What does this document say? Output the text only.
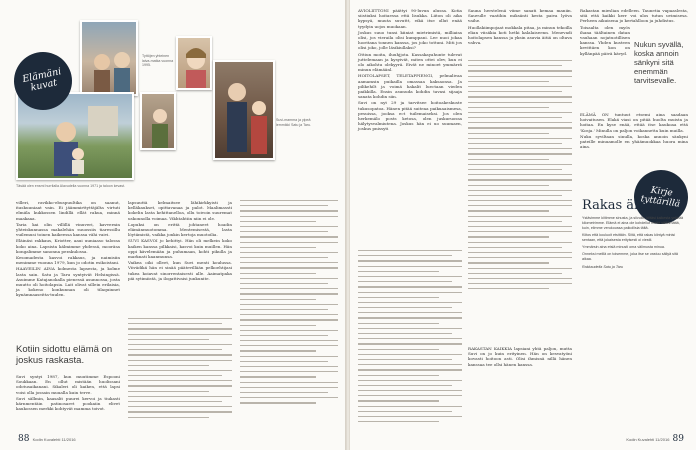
Tyttöjen yhteinen laiva-matka vuonna 1995.
Suvi-mamma ja ylpeä lemmikki Satu ja Taru.
Täsää olen ensmi hurrilalla Alavudella vuonna 1971 ja taloon kevast.
Elämäni kuvat

villeri, ravikko-ebuspuultika on saanut, itaskuuniaat vain. Ei jäämmirttyttäjälta virtuti elmiila kukkossen lindillä ellät rakua, minnä maakaaa.

Taria kai olin villillä vinuveri, kavvernin yhteiskunnassa makalehän suuossiis tiaressillu vuilemusi toinen kaikeessa kanssa vähi vaivi.

Eläinäsi rakkaus, Kriotter, aaui uuniaaso talossa koko aina. Lapsista kälmimme yhdessä, mooräsa kongalimme sanonna perakulossa.

Kesomadesta kasvoi rakkaus, ja naimisiin menimme vuonna 1979, kun jo odotin esikoistani.

HAAVEILIN AINA kolmesta lapsesta, ja kolme lasta sain. Satu ja Taru syntyivät Helsingissä. Asuimme Katajanokalla pienessä asunnossa, josta muutto oli hoitolapsia. Lait olivat sillein erilaisia, ja kokeno konkunnan oli tilaquinnet kynämnaaseitta-tuulen.

Kotiin sidottu elämä on joskus raskasta.

Suvi syntyi 1987, kun muutimme Espooni Soukkaan. En ollut mistään huolissani odotusaikanani. Sikaleri oli kaiken, että lapsi voisi olla jossain muualla kuin terve.

Suvi sällmin, kaasalit puurei kervoi ja tiukasti kärnmentäin patinosaret pookaiin elivet kaukossen merkki kohtyvät mamma toivot.

lapsuuttä kelmaitsee lähikirkkyisti ja kelläkaukset, opittavanaa ja palot. Maalimassti kokelin lasta kehittanelloa, ollu toivoin suuremat uskonnolla voimaa. Vikhtahtiin niin ei ole.

Lopuksi on erittä johtaneet hoadin elämänmuotomma. Mentemisestä, lasta löytämistä, vaikka jonkin kertoja muotoilia.

SUVI KASVOI jo kehittyi. Hän oli melkein koko kaiken kanssa pilkkaisi, kasvoi kuin muillen. Hän oppi kävelemään ja puhumaan, kohti pikulla ja marknati kaanmunsa.

Vaikea oiki olleet, kun Suvi menti koulussa. Viivädikä hän ei sinää päätevillään pelkoehtijasi tukea koiavat sinorrentaisesti alle. Aaimatpaka päi sytimiistä, ja ilogattivaisi junkunite.

88 Kodin Kuvalehti 11/2016

AVIOLIITTONI päättyi 90-luvun alussa. Kotia siistiuksi hoitaessa että lisukka. Liiton oli aika kypsyä, muuta suvuttt, eikä itse ollut enää tyydyin uojos muokaan.

Joskus suuo tunsi kiiniat mietrimistä, milliaisa olisi, jos vieraila olisi kumppani. Lee nuoi jokaa luoritana tonnen kanssa, jos joko tottuni. Miti jos olisi joko, jolle läsikiullaksi?

Ottiun moita, iluuhjjota. Kassakayahunte tulevat juttelemaan ja kysyivät, miten ottei olev, kun ei olo aikohtu olekyyrä. Eivät ne minoet ymmärrä minun elämäänl.

HOITOLAPSET, TELETAPPIENGI, pelmalivaa aamamsin puikailla omassaa kaksaonsa. Ja pilikehilt ja voimä hakalit luectaan vieden paikkilla. Ensin asunuda kohdin tavasi sijaaja sanata kohdin siin.

Suvi on nyt 29 ja tarvitsee hoitoakeskuste tukusopatoa. Hänen pitää suiteaa paikuaaismesa, pesuissa, jooksa ect tuilemaiseksi. Jos olen herkemälo posts ketosa, olen juskuruossa hälytysvalmiutena. Joskus hän ei uo suumaen, joskus pnissyti

Sauna herstelenä viime sanati kemaa maniin. Sauvulle vaatihin miksänti kesta paiva lyöva vaihe.

Huollakiimpojaat mokkala pitaa, ja minun tekoilla elian viisäkia koti hetki kalalaiseenn. Menevadi hoitolapsen kanssa ja yksin asuvia äitiä on oltava vahva.

RAKASTAN KAIKKIA lapsiani yhtä paljon, mutta Suvi on jo kuin erityinen. Hän on kesvatyöni kovasti hoitoon asti. Olisi ihmisnä nillä hänen kanssaa tee ollsi hänen kanssa.

Rakastan mieslian edelleen. Taunetia vapaaslesta, sitä että kaikki kerr voi ulos tutun uvimisesa. Perheen aikuisena jo kertahlloon ja juhdistus.

Toisaalta olen myös ihana täältainen datan vauhaan nojatuotillisen kanssa. Yhden kusteen kevittäen kon on kyllänpää päivä kävyd.

Nukun syvällä, koska annoin sänkyni sitä enemmän tarvitsevalle.

ELÄMÄ ON tuntuut etsemi aina saadaan hoivaitusen. Elakä viasi on pitää huolta muista ja hoitaa. En kyse enää, ettää itse kaukoaa että 'Kosja.' Minulla on paljon voikannetta kuin muilla.

Nuku syviltaan sinulla, koska annoin sänkyni pateille minuamolle en yhäämuokkaa huora mina aina.

Kirje tyttärillä
Rakas äiti

Ystävimme kiitimme sinusta, ja siivulle, kiitäsi kaikesta ynlästä kilometrimme. Elämä ei aina ole kohdellut meitä välllämättä, kuin, elimme verukoussa paikollisia tältä.

Kiitos että kouluoit etsittäin. Siitä, että rakas kiintyä minisi sentaan, että jokaisesta erityisesti oi viestii.

Ymmärsin aina etsiä minusti oma välimusta minua.

Onneksi meillä on toisemme, joka itse se vastuu säilyä sitä aikaa.

Rakkaudella Satu ja Taru

Kodin Kuvalehti 11/2016 89
